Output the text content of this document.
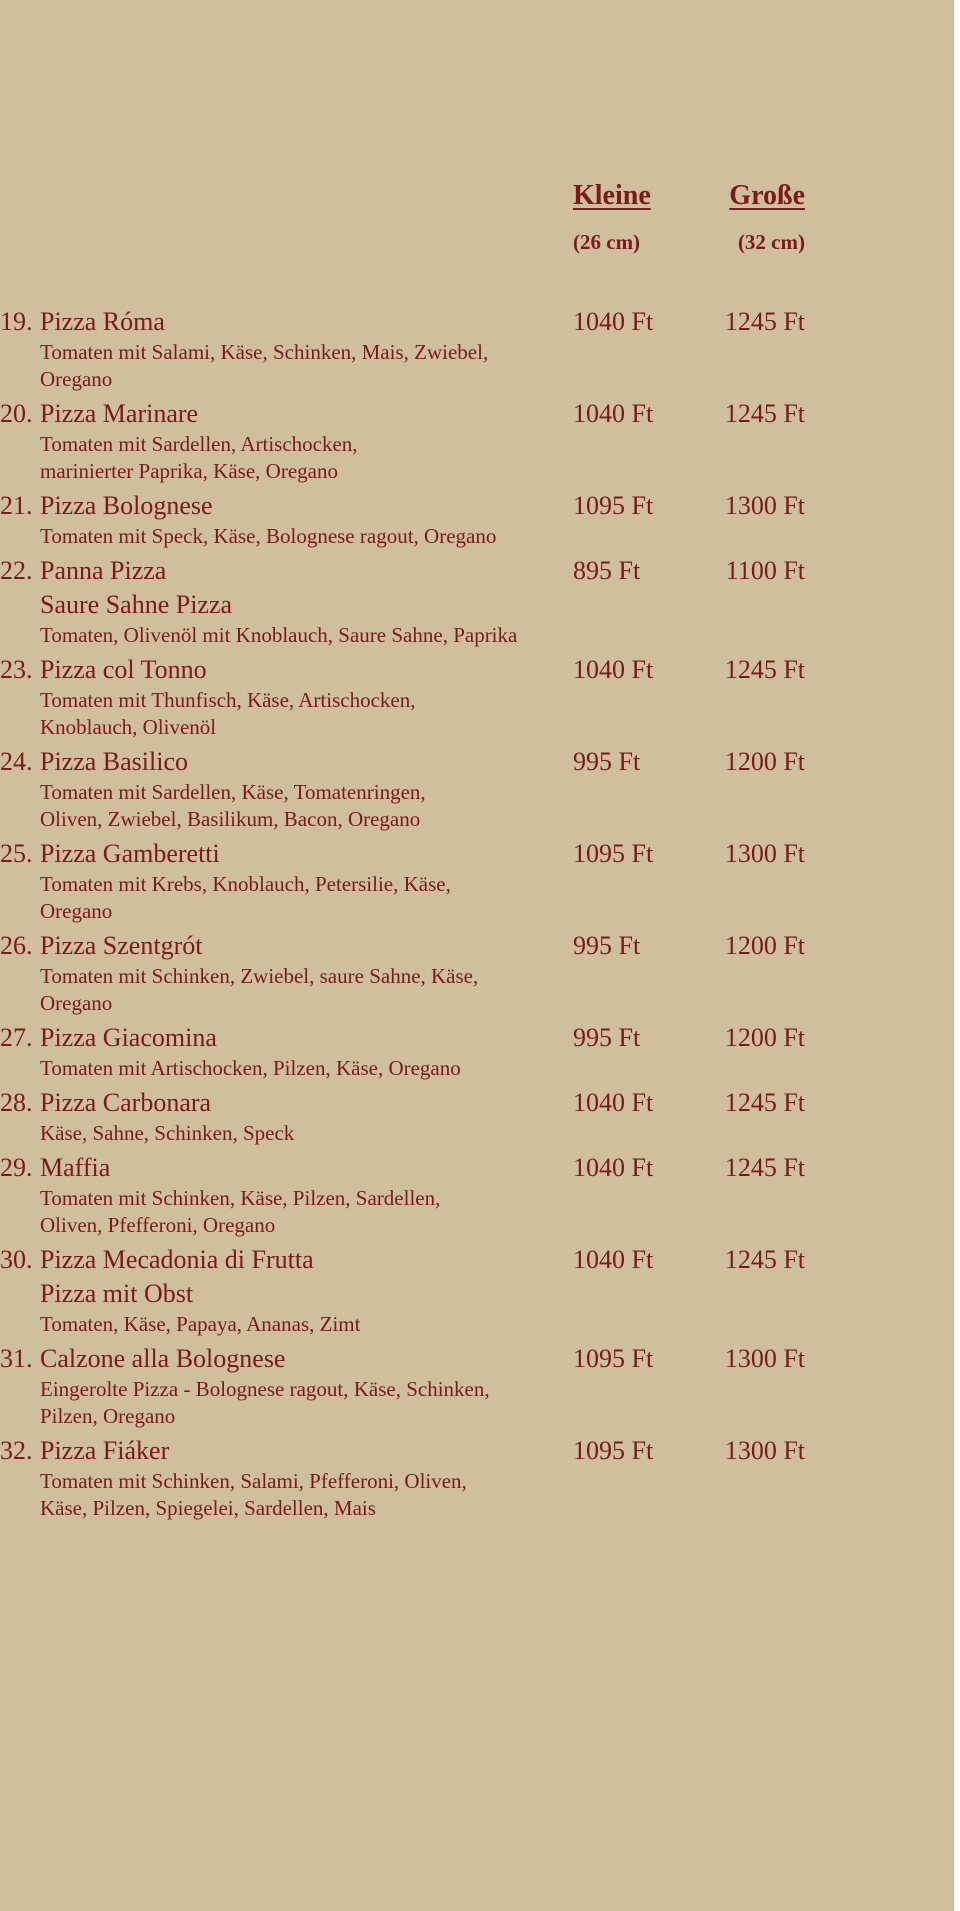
Kleine	Große
(26 cm)	(32 cm)
19. Pizza Róma	1040 Ft	1245 Ft
Tomaten mit Salami, Käse, Schinken, Mais, Zwiebel,
Oregano
20. Pizza Marinare	1040 Ft	1245 Ft
Tomaten mit Sardellen, Artischocken,
marinierter Paprika, Käse, Oregano
21. Pizza Bolognese	1095 Ft	1300 Ft
Tomaten mit Speck, Käse, Bolognese ragout, Oregano
22. Panna Pizza	895 Ft	1100 Ft
Saure Sahne Pizza
Tomaten, Olivenöl mit Knoblauch, Saure Sahne, Paprika
23. Pizza col Tonno	1040 Ft	1245 Ft
Tomaten mit Thunfisch, Käse, Artischocken,
Knoblauch, Olivenöl
24. Pizza Basilico	995 Ft	1200 Ft
Tomaten mit Sardellen, Käse, Tomatenringen,
Oliven, Zwiebel, Basilikum, Bacon, Oregano
25. Pizza Gamberetti	1095 Ft	1300 Ft
Tomaten mit Krebs, Knoblauch, Petersilie, Käse,
Oregano
26. Pizza Szentgrót	995 Ft	1200 Ft
Tomaten mit Schinken, Zwiebel, saure Sahne, Käse,
Oregano
27. Pizza Giacomina	995 Ft	1200 Ft
Tomaten mit Artischocken, Pilzen, Käse, Oregano
28. Pizza Carbonara	1040 Ft	1245 Ft
Käse, Sahne, Schinken, Speck
29. Maffia	1040 Ft	1245 Ft
Tomaten mit Schinken, Käse, Pilzen, Sardellen,
Oliven, Pfefferoni, Oregano
30. Pizza Mecadonia di Frutta	1040 Ft	1245 Ft
Pizza mit Obst
Tomaten, Käse, Papaya, Ananas, Zimt
31. Calzone alla Bolognese	1095 Ft	1300 Ft
Eingerolte Pizza - Bolognese ragout, Käse, Schinken,
Pilzen, Oregano
32. Pizza Fiáker	1095 Ft	1300 Ft
Tomaten mit Schinken, Salami, Pfefferoni, Oliven,
Käse, Pilzen, Spiegelei, Sardellen, Mais
